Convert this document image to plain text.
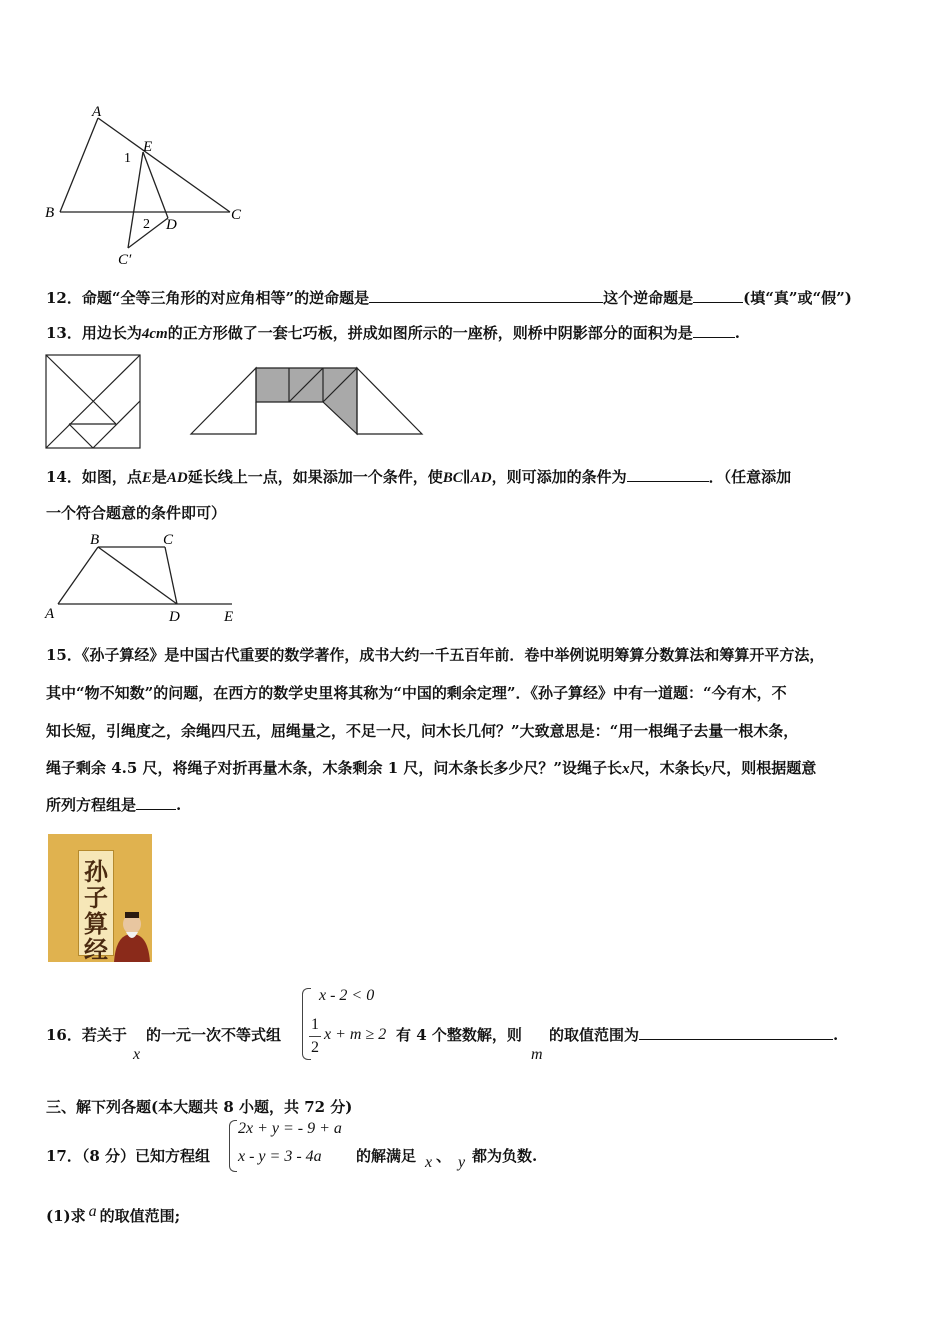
A
B	C
E
D
C′
1
2
12．命题“全等三角形的对应角相等”的逆命题是	这个逆命题是	(填“真”或“假”)
13．用边长为4cm的正方形做了一套七巧板，拼成如图所示的一座桥，则桥中阴影部分的面积为是	.
14．如图，点E是AD延长线上一点，如果添加一个条件，使BC∥AD，则可添加的条件为	．（任意添加
一个符合题意的条件即可）
B	C
A	D	E
15．《孙子算经》是中国古代重要的数学著作，成书大约一千五百年前．卷中举例说明筹算分数算法和筹算开平方法，
其中“物不知数”的问题，在西方的数学史里将其称为“中国的剩余定理”．《孙子算经》中有一道题：“今有木，不
知长短，引绳度之，余绳四尺五，屈绳量之，不足一尺，问木长几何？”大致意思是：“用一根绳子去量一根木条，
绳子剩余 4.5 尺，将绳子对折再量木条，木条剩余 1 尺，问木条长多少尺？”设绳子长x尺，木条长y尺，则根据题意
所列方程组是	.
孙
子
算
经
16．若关于
x
的一元一次不等式组
x - 2 < 0
1
2
x + m ≥ 2 有 4 个整数解，则
m
的取值范围为	.
三、解下列各题(本大题共 8 小题，共 72 分)
17．（8 分）已知方程组
2x + y = - 9 + a
x - y = 3 - 4a 的解满足 x 、 y 都为负数.
(1)求 a 的取值范围;
